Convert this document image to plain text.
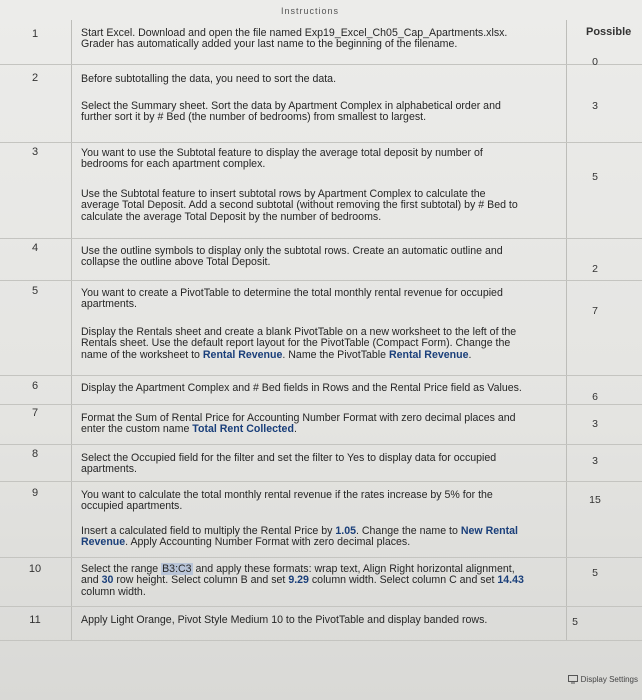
Instructions
Possible
1	Start Excel. Download and open the file named Exp19_Excel_Ch05_Cap_Apartments.xlsx.
Grader has automatically added your last name to the beginning of the filename.
0
2	Before subtotalling the data, you need to sort the data.
Select the Summary sheet. Sort the data by Apartment Complex in alphabetical order and
further sort it by # Bed (the number of bedrooms) from smallest to largest.
3
3	You want to use the Subtotal feature to display the average total deposit by number of
bedrooms for each apartment complex.
Use the Subtotal feature to insert subtotal rows by Apartment Complex to calculate the
average Total Deposit. Add a second subtotal (without removing the first subtotal) by # Bed to
calculate the average Total Deposit by the number of bedrooms.
5
4	Use the outline symbols to display only the subtotal rows. Create an automatic outline and
collapse the outline above Total Deposit.
2
5	You want to create a PivotTable to determine the total monthly rental revenue for occupied
apartments.
Display the Rentals sheet and create a blank PivotTable on a new worksheet to the left of the
Rentals sheet. Use the default report layout for the PivotTable (Compact Form). Change the
name of the worksheet to Rental Revenue. Name the PivotTable Rental Revenue.
7
6	Display the Apartment Complex and # Bed fields in Rows and the Rental Price field as Values.
6
7	Format the Sum of Rental Price for Accounting Number Format with zero decimal places and
enter the custom name Total Rent Collected.	3
8	Select the Occupied field for the filter and set the filter to Yes to display data for occupied
apartments.
3
9	You want to calculate the total monthly rental revenue if the rates increase by 5% for the
occupied apartments.
Insert a calculated field to multiply the Rental Price by 1.05. Change the name to New Rental
Revenue. Apply Accounting Number Format with zero decimal places.
15
10	Select the range B3:C3 and apply these formats: wrap text, Align Right horizontal alignment,
and 30 row height. Select column B and set 9.29 column width. Select column C and set 14.43
column width.
5
11	Apply Light Orange, Pivot Style Medium 10 to the PivotTable and display banded rows.	5
Display Settings
